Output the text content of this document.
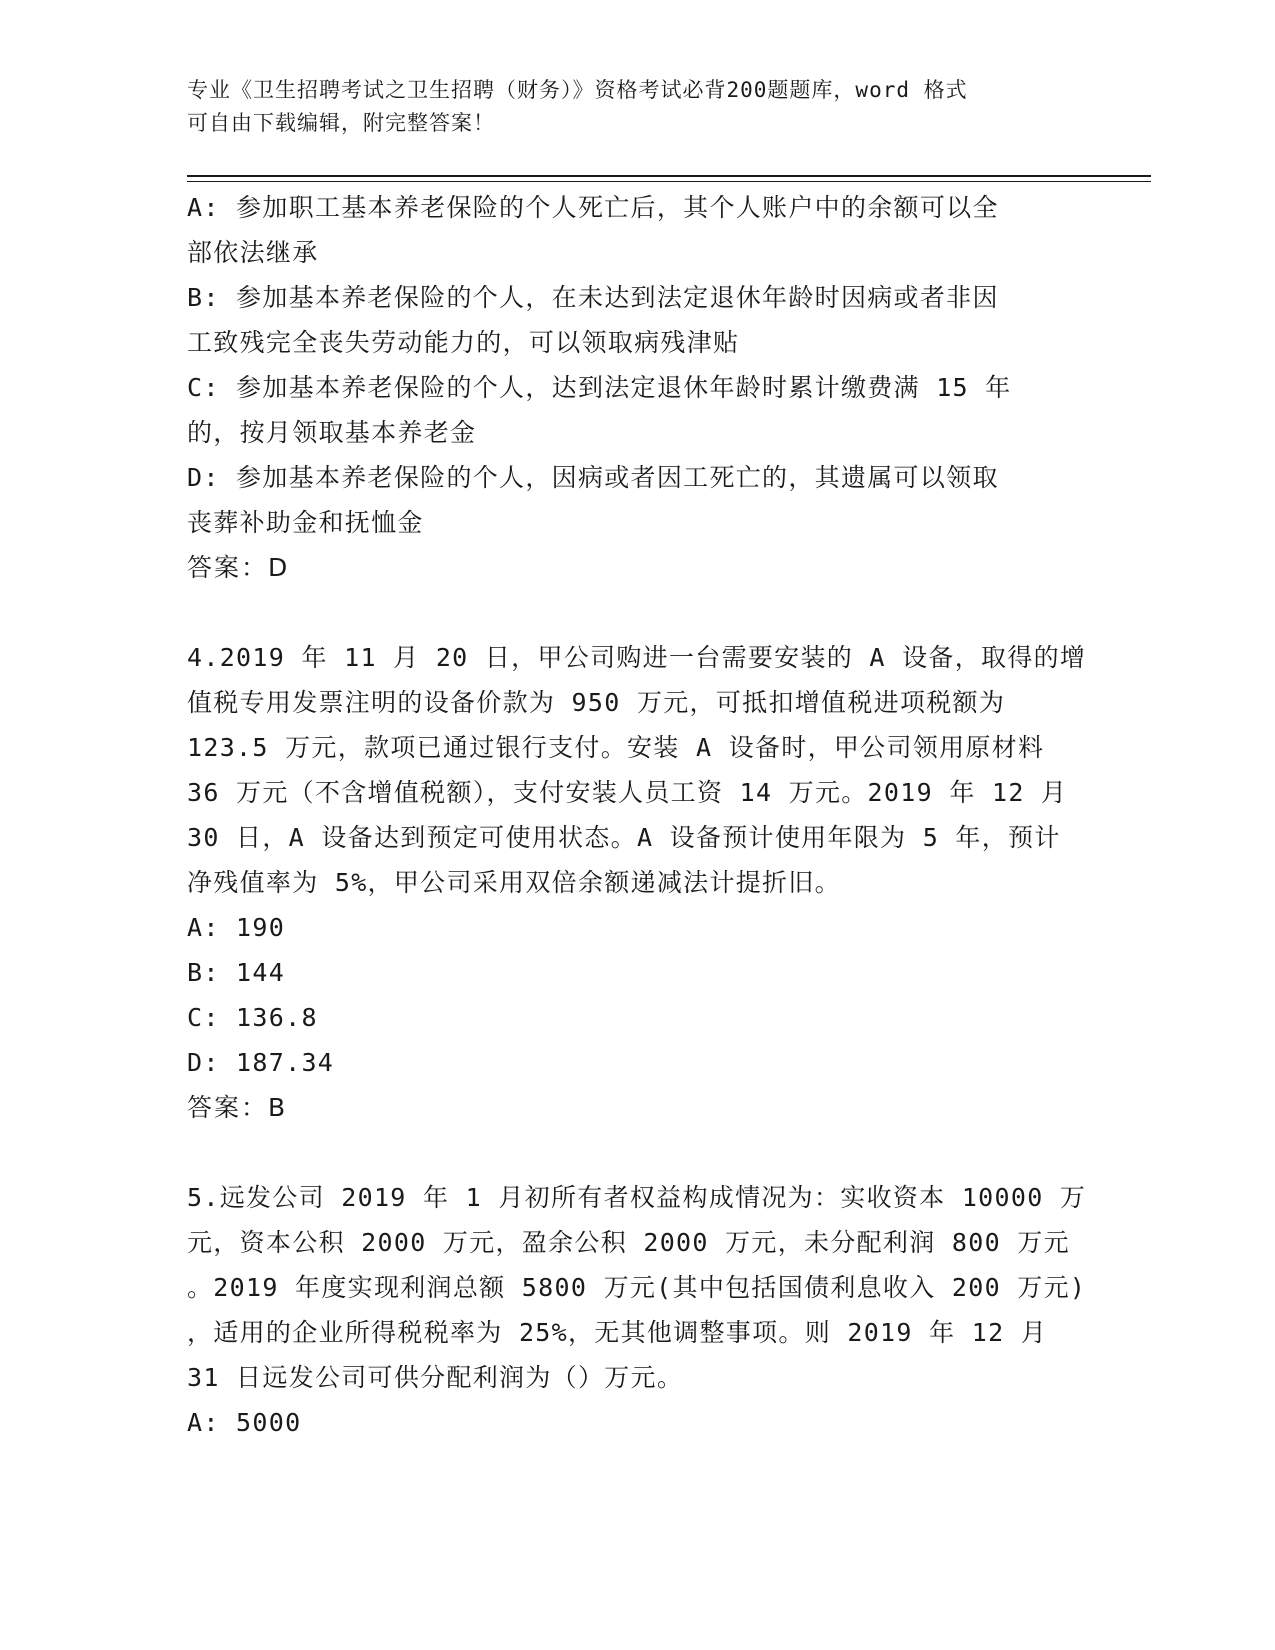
专业《卫生招聘考试之卫生招聘（财务）》资格考试必背200题题库，word 格式
可自由下载编辑，附完整答案！
A: 参加职工基本养老保险的个人死亡后，其个人账户中的余额可以全
部依法继承
B: 参加基本养老保险的个人，在未达到法定退休年龄时因病或者非因
工致残完全丧失劳动能力的，可以领取病残津贴
C: 参加基本养老保险的个人，达到法定退休年龄时累计缴费满 15 年
的，按月领取基本养老金
D: 参加基本养老保险的个人，因病或者因工死亡的，其遗属可以领取
丧葬补助金和抚恤金
答案：D
4.2019 年 11 月 20 日，甲公司购进一台需要安装的 A 设备，取得的增
值税专用发票注明的设备价款为 950 万元，可抵扣增值税进项税额为
123.5 万元，款项已通过银行支付。安装 A 设备时，甲公司领用原材料
36 万元（不含增值税额），支付安装人员工资 14 万元。2019 年 12 月
30 日，A 设备达到预定可使用状态。A 设备预计使用年限为 5 年，预计
净残值率为 5%，甲公司采用双倍余额递减法计提折旧。
A: 190
B: 144
C: 136.8
D: 187.34
答案：B
5.远发公司 2019 年 1 月初所有者权益构成情况为：实收资本 10000 万
元，资本公积 2000 万元，盈余公积 2000 万元，未分配利润 800 万元
。2019 年度实现利润总额 5800 万元(其中包括国债利息收入 200 万元)
，适用的企业所得税税率为 25%，无其他调整事项。则 2019 年 12 月
31 日远发公司可供分配利润为（）万元。
A: 5000
